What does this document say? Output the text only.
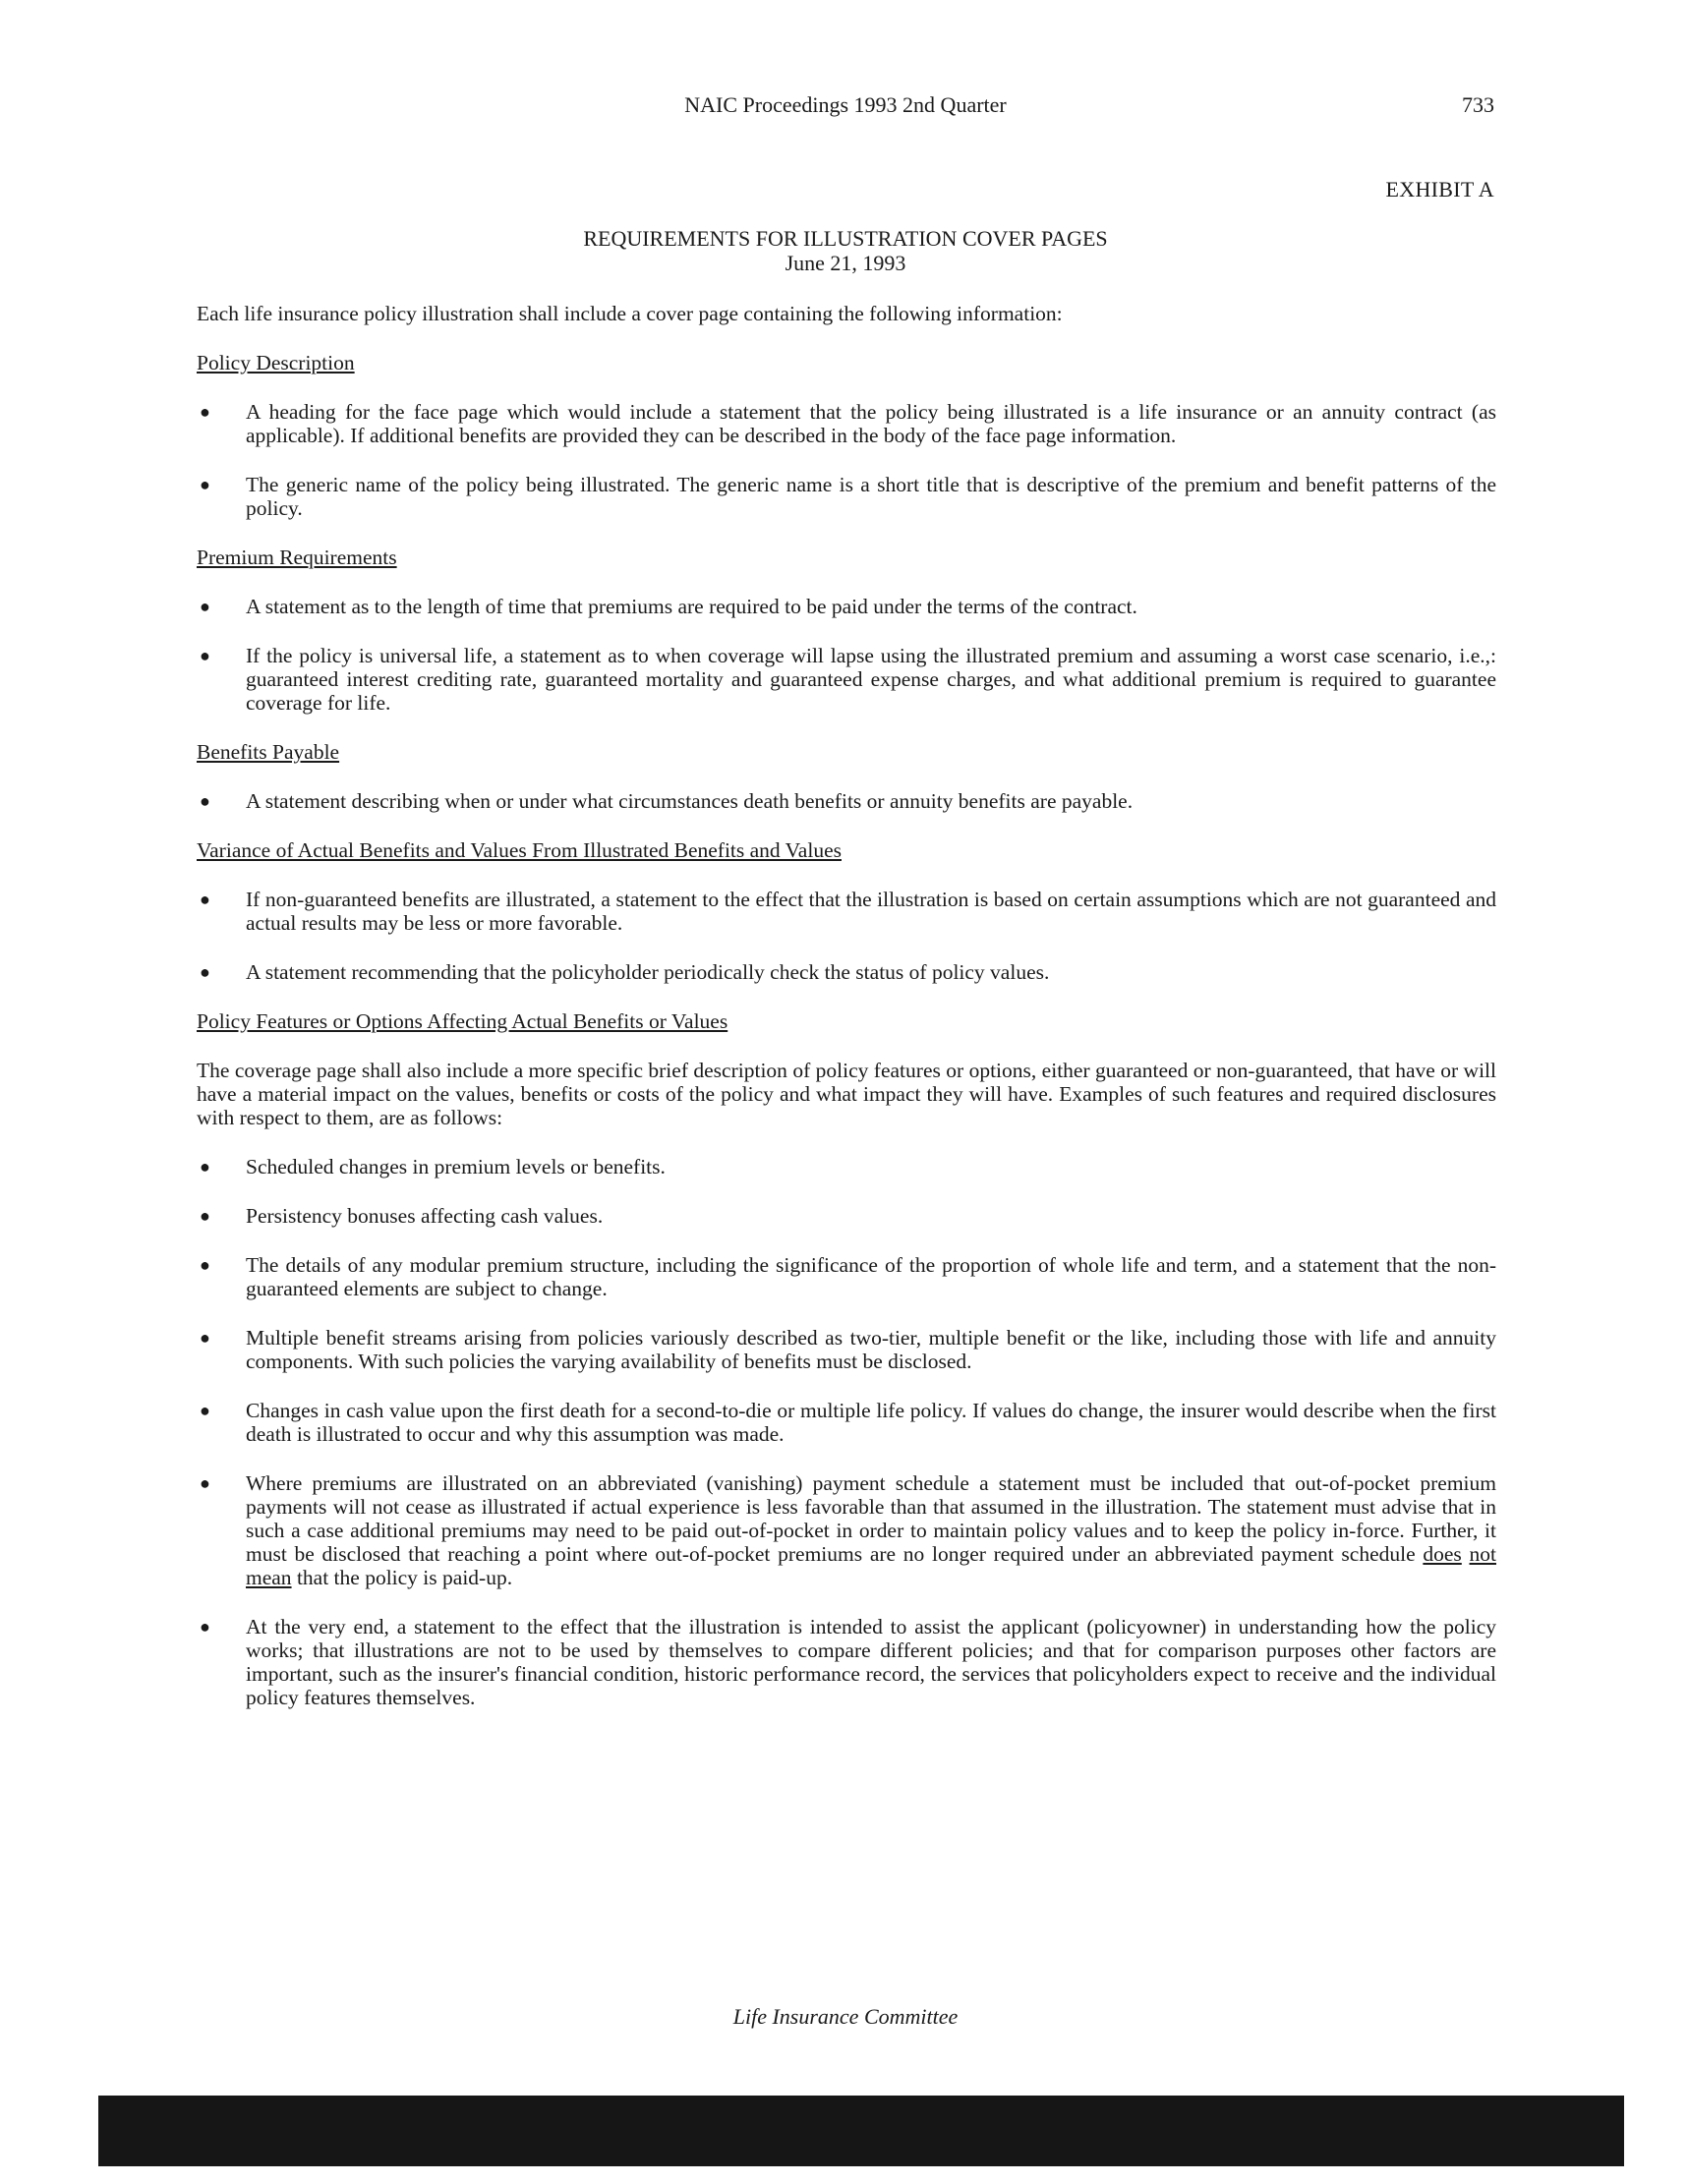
NAIC Proceedings 1993 2nd Quarter	733
EXHIBIT A
REQUIREMENTS FOR ILLUSTRATION COVER PAGES
June 21, 1993

Each life insurance policy illustration shall include a cover page containing the following information:

Policy Description

● A heading for the face page which would include a statement that the policy being illustrated is a life insurance or an annuity contract (as applicable). If additional benefits are provided they can be described in the body of the face page information.
● The generic name of the policy being illustrated. The generic name is a short title that is descriptive of the premium and benefit patterns of the policy.

Premium Requirements

● A statement as to the length of time that premiums are required to be paid under the terms of the contract.
● If the policy is universal life, a statement as to when coverage will lapse using the illustrated premium and assuming a worst case scenario, i.e.,: guaranteed interest crediting rate, guaranteed mortality and guaranteed expense charges, and what additional premium is required to guarantee coverage for life.

Benefits Payable

● A statement describing when or under what circumstances death benefits or annuity benefits are payable.

Variance of Actual Benefits and Values From Illustrated Benefits and Values

● If non-guaranteed benefits are illustrated, a statement to the effect that the illustration is based on certain assumptions which are not guaranteed and actual results may be less or more favorable.
● A statement recommending that the policyholder periodically check the status of policy values.

Policy Features or Options Affecting Actual Benefits or Values

The coverage page shall also include a more specific brief description of policy features or options, either guaranteed or non-guaranteed, that have or will have a material impact on the values, benefits or costs of the policy and what impact they will have. Examples of such features and required disclosures with respect to them, are as follows:

● Scheduled changes in premium levels or benefits.
● Persistency bonuses affecting cash values.
● The details of any modular premium structure, including the significance of the proportion of whole life and term, and a statement that the non-guaranteed elements are subject to change.
● Multiple benefit streams arising from policies variously described as two-tier, multiple benefit or the like, including those with life and annuity components. With such policies the varying availability of benefits must be disclosed.
● Changes in cash value upon the first death for a second-to-die or multiple life policy. If values do change, the insurer would describe when the first death is illustrated to occur and why this assumption was made.
● Where premiums are illustrated on an abbreviated (vanishing) payment schedule a statement must be included that out-of-pocket premium payments will not cease as illustrated if actual experience is less favorable than that assumed in the illustration. The statement must advise that in such a case additional premiums may need to be paid out-of-pocket in order to maintain policy values and to keep the policy in-force. Further, it must be disclosed that reaching a point where out-of-pocket premiums are no longer required under an abbreviated payment schedule does not mean that the policy is paid-up.
● At the very end, a statement to the effect that the illustration is intended to assist the applicant (policyowner) in understanding how the policy works; that illustrations are not to be used by themselves to compare different policies; and that for comparison purposes other factors are important, such as the insurer's financial condition, historic performance record, the services that policyholders expect to receive and the individual policy features themselves.
Life Insurance Committee
